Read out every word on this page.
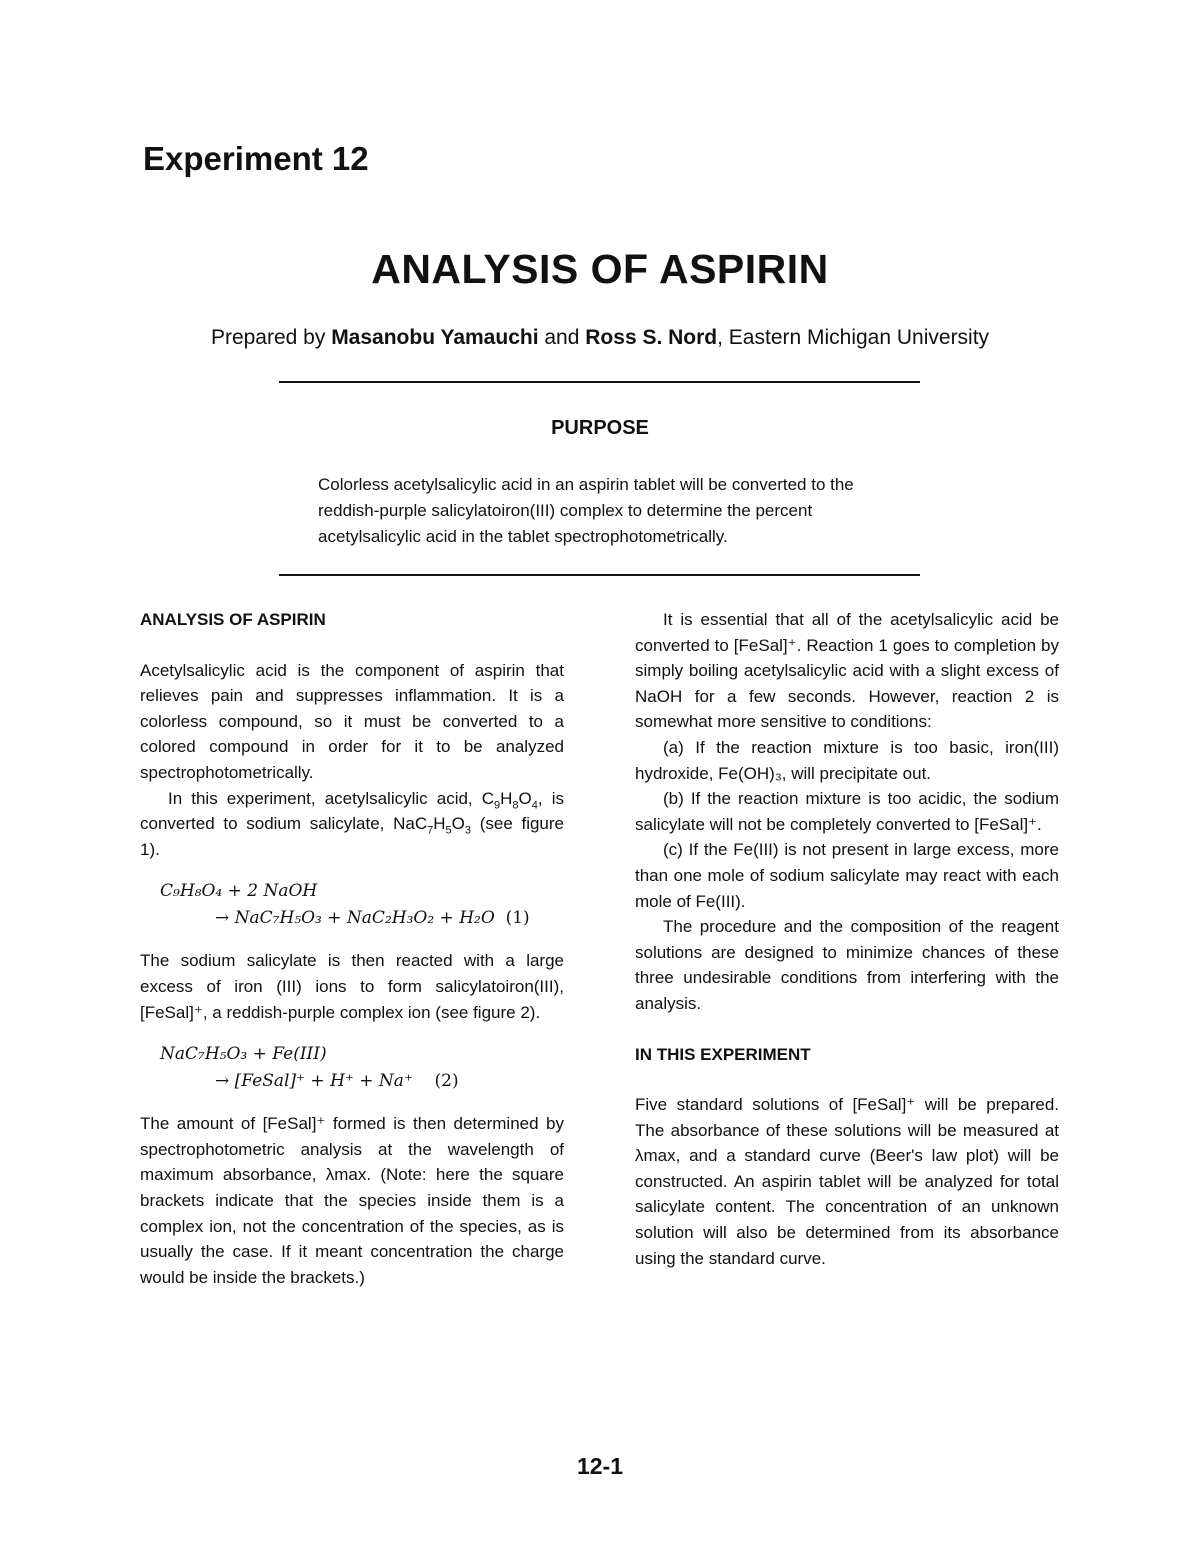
Experiment 12
ANALYSIS OF ASPIRIN
Prepared by Masanobu Yamauchi and Ross S. Nord, Eastern Michigan University
PURPOSE
Colorless acetylsalicylic acid in an aspirin tablet will be converted to the reddish-purple salicylatoiron(III) complex to determine the percent acetylsalicylic acid in the tablet spectrophotometrically.

ANALYSIS OF ASPIRIN

Acetylsalicylic acid is the component of aspirin that relieves pain and suppresses inflammation. It is a colorless compound, so it must be converted to a colored compound in order for it to be analyzed spectrophotometrically.

In this experiment, acetylsalicylic acid, $C_9H_8O_4$, is converted to sodium salicylate, $NaC_7H_5O_3$ (see figure 1).

C₉H₈O₄ + 2 NaOH
→ NaC₇H₅O₃ + NaC₂H₃O₂ + H₂O (1)

The sodium salicylate is then reacted with a large excess of iron (III) ions to form salicylatoiron(III), [FeSal]⁺, a reddish-purple complex ion (see figure 2).

NaC₇H₅O₃ + Fe(III)
→ [FeSal]⁺ + H⁺ + Na⁺ (2)

The amount of [FeSal]⁺ formed is then determined by spectrophotometric analysis at the wavelength of maximum absorbance, λmax. (Note: here the square brackets indicate that the species inside them is a complex ion, not the concentration of the species, as is usually the case. If it meant concentration the charge would be inside the brackets.)

It is essential that all of the acetylsalicylic acid be converted to [FeSal]⁺. Reaction 1 goes to completion by simply boiling acetylsalicylic acid with a slight excess of NaOH for a few seconds. However, reaction 2 is somewhat more sensitive to conditions:

(a) If the reaction mixture is too basic, iron(III) hydroxide, Fe(OH)₃, will precipitate out.

(b) If the reaction mixture is too acidic, the sodium salicylate will not be completely converted to [FeSal]⁺.

(c) If the Fe(III) is not present in large excess, more than one mole of sodium salicylate may react with each mole of Fe(III).

The procedure and the composition of the reagent solutions are designed to minimize chances of these three undesirable conditions from interfering with the analysis.

IN THIS EXPERIMENT

Five standard solutions of [FeSal]⁺ will be prepared. The absorbance of these solutions will be measured at λmax, and a standard curve (Beer's law plot) will be constructed. An aspirin tablet will be analyzed for total salicylate content. The concentration of an unknown solution will also be determined from its absorbance using the standard curve.

12-1
